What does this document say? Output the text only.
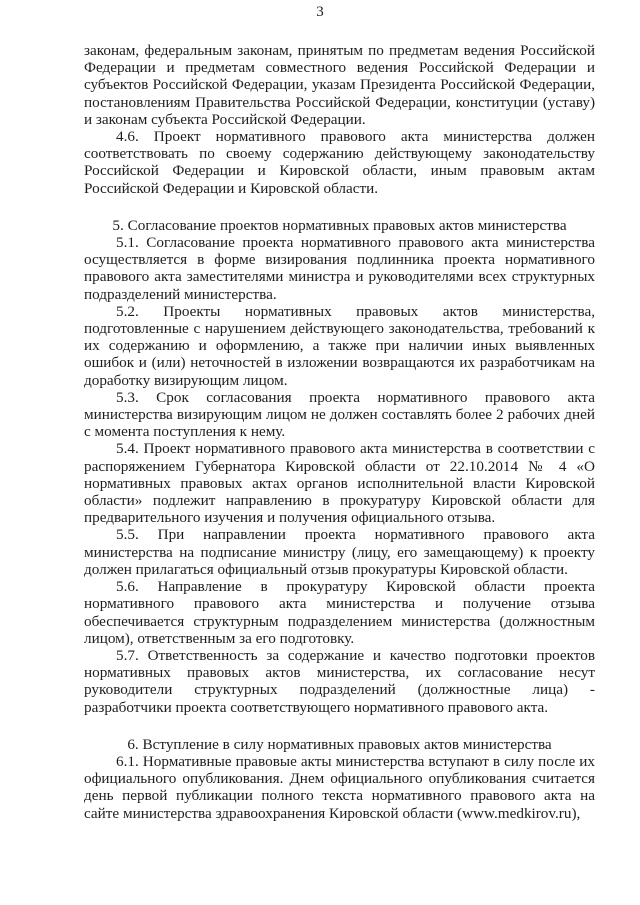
3

законам, федеральным законам, принятым по предметам ведения Российской Федерации и предметам совместного ведения Российской Федерации и субъектов Российской Федерации, указам Президента Российской Федерации, постановлениям Правительства Российской Федерации, конституции (уставу) и законам субъекта Российской Федерации.

4.6. Проект нормативного правового акта министерства должен соответствовать по своему содержанию действующему законодательству Российской Федерации и Кировской области, иным правовым актам Российской Федерации и Кировской области.

5. Согласование проектов нормативных правовых актов министерства

5.1. Согласование проекта нормативного правового акта министерства осуществляется в форме визирования подлинника проекта нормативного правового акта заместителями министра и руководителями всех структурных подразделений министерства.

5.2. Проекты нормативных правовых актов министерства, подготовленные с нарушением действующего законодательства, требований к их содержанию и оформлению, а также при наличии иных выявленных ошибок и (или) неточностей в изложении возвращаются их разработчикам на доработку визирующим лицом.

5.3. Срок согласования проекта нормативного правового акта министерства визирующим лицом не должен составлять более 2 рабочих дней с момента поступления к нему.

5.4. Проект нормативного правового акта министерства в соответствии с распоряжением Губернатора Кировской области от 22.10.2014 № 4 «О нормативных правовых актах органов исполнительной власти Кировской области» подлежит направлению в прокуратуру Кировской области для предварительного изучения и получения официального отзыва.

5.5. При направлении проекта нормативного правового акта министерства на подписание министру (лицу, его замещающему) к проекту должен прилагаться официальный отзыв прокуратуры Кировской области.

5.6. Направление в прокуратуру Кировской области проекта нормативного правового акта министерства и получение отзыва обеспечивается структурным подразделением министерства (должностным лицом), ответственным за его подготовку.

5.7. Ответственность за содержание и качество подготовки проектов нормативных правовых актов министерства, их согласование несут руководители структурных подразделений (должностные лица) - разработчики проекта соответствующего нормативного правового акта.

6. Вступление в силу нормативных правовых актов министерства

6.1. Нормативные правовые акты министерства вступают в силу после их официального опубликования. Днем официального опубликования считается день первой публикации полного текста нормативного правового акта на сайте министерства здравоохранения Кировской области (www.medkirov.ru),
